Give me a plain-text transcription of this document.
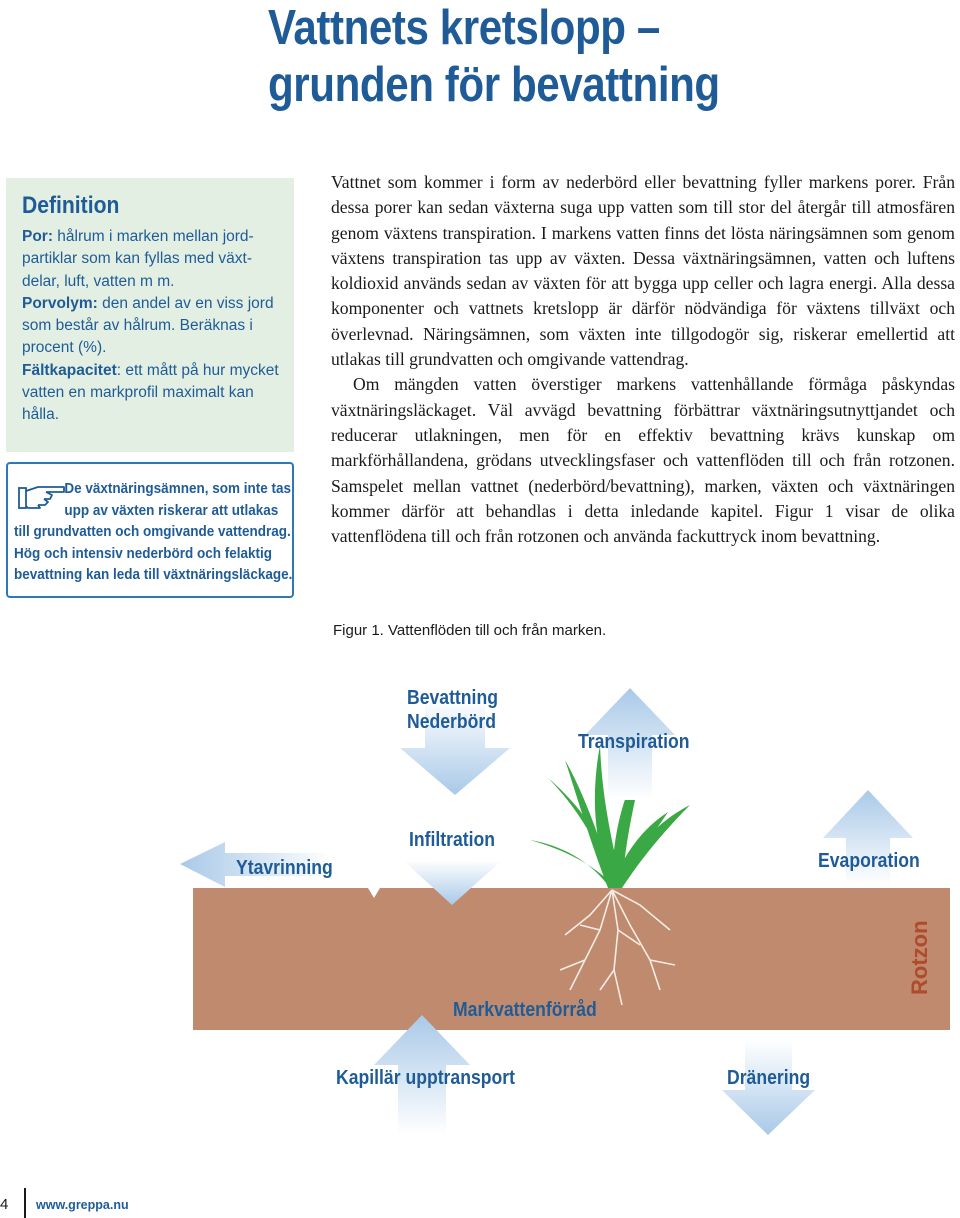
Vattnets kretslopp –
grunden för bevattning
Definition

Por: hålrum i marken mellan jordpartiklar som kan fyllas med växtdelar, luft, vatten m m.

Porvolym: den andel av en viss jord som består av hålrum. Beräknas i procent (%).

Fältkapacitet: ett mått på hur mycket vatten en markprofil maximalt kan hålla.

De växtnäringsämnen, som inte tas
upp av växten riskerar att utlakas
till grundvatten och omgivande vattendrag.
Hög och intensiv nederbörd och felaktig
bevattning kan leda till växtnäringsläckage.

Vattnet som kommer i form av nederbörd eller bevattning fyller markens porer. Från dessa porer kan sedan växterna suga upp vatten som till stor del återgår till atmosfären genom växtens transpiration. I markens vatten finns det lösta näringsämnen som genom växtens transpiration tas upp av växten. Dessa växtnäringsämnen, vatten och luftens koldioxid används sedan av växten för att bygga upp celler och lagra energi. Alla dessa komponenter och vattnets kretslopp är därför nödvändiga för växtens tillväxt och överlevnad. Näringsämnen, som växten inte tillgodogör sig, riskerar emellertid att utlakas till grundvatten och omgivande vattendrag.

Om mängden vatten överstiger markens vattenhållande förmåga påskyndas växtnäringsläckaget. Väl avvägd bevattning förbättrar växtnäringsutnyttjandet och reducerar utlakningen, men för en effektiv bevattning krävs kunskap om markförhållandena, grödans utvecklingsfaser och vattenflöden till och från rotzonen. Samspelet mellan vattnet (nederbörd/bevattning), marken, växten och växtnäringen kommer därför att behandlas i detta inledande kapitel. Figur 1 visar de olika vattenflödena till och från rotzonen och använda fackuttryck inom bevattning.

Figur 1. Vattenflöden till och från marken.
Bevattning
Nederbörd
Transpiration
Ytavrinning
Infiltration
Evaporation
Markvattenförråd
Rotzon
Kapillär upptransport	Dränering
4 www.greppa.nu
